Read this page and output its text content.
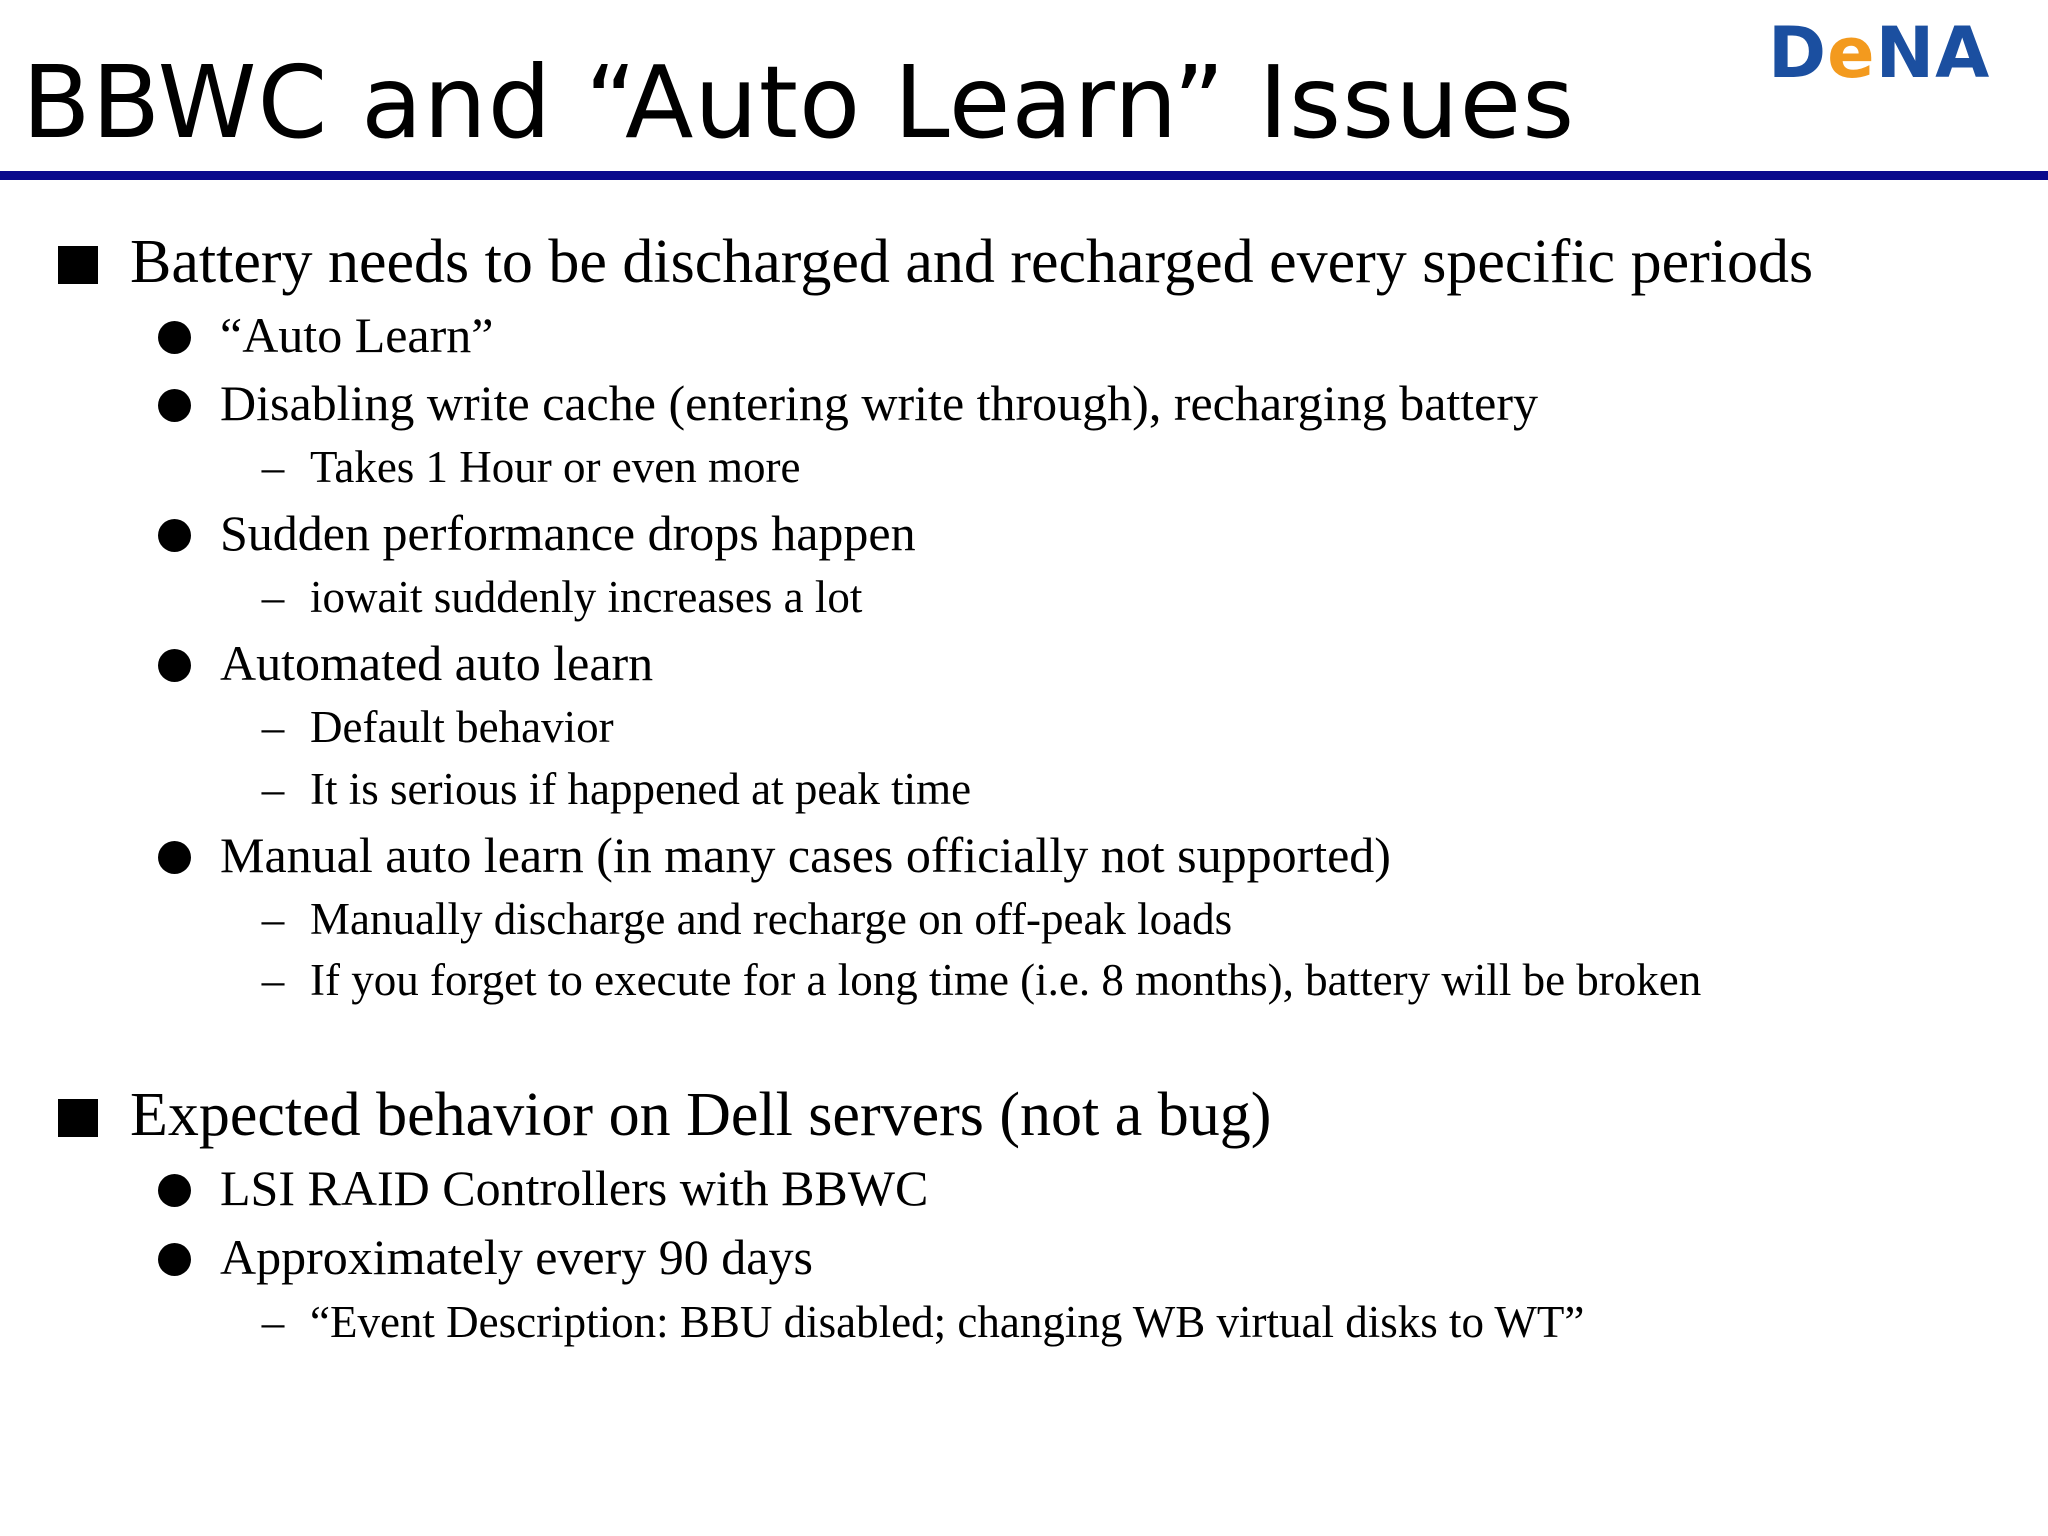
BBWC and “Auto Learn” Issues	DeNA
Battery needs to be discharged and recharged every specific periods
“Auto Learn”
Disabling write cache (entering write through), recharging battery
– Takes 1 Hour or even more
Sudden performance drops happen
– iowait suddenly increases a lot
Automated auto learn
– Default behavior
– It is serious if happened at peak time
Manual auto learn (in many cases officially not supported)
– Manually discharge and recharge on off-peak loads
– If you forget to execute for a long time (i.e. 8 months), battery will be broken
Expected behavior on Dell servers (not a bug)
LSI RAID Controllers with BBWC
Approximately every 90 days
– “Event Description: BBU disabled; changing WB virtual disks to WT”
